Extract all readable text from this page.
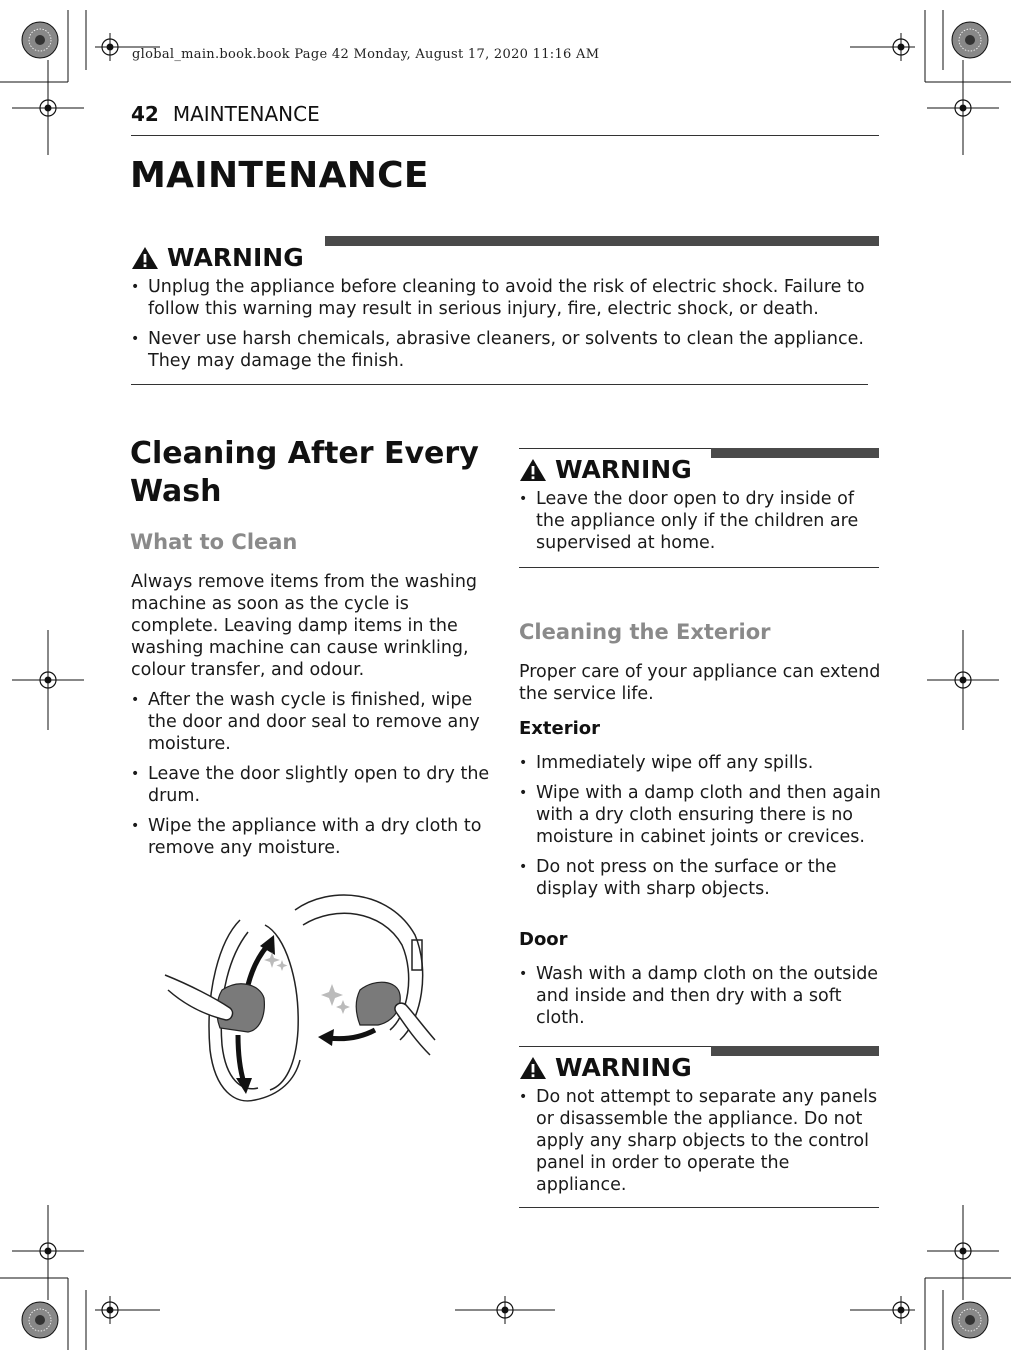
global_main.book.book Page 42 Monday, August 17, 2020 11:16 AM
42 MAINTENANCE
MAINTENANCE
WARNING
• Unplug the appliance before cleaning to avoid the risk of electric shock. Failure to follow this warning may result in serious injury, fire, electric shock, or death.
• Never use harsh chemicals, abrasive cleaners, or solvents to clean the appliance. They may damage the finish.
Cleaning After Every Wash
What to Clean

Always remove items from the washing machine as soon as the cycle is complete. Leaving damp items in the washing machine can cause wrinkling, colour transfer, and odour.

• After the wash cycle is finished, wipe the door and door seal to remove any moisture.
• Leave the door slightly open to dry the drum.
• Wipe the appliance with a dry cloth to remove any moisture.
WARNING
• Leave the door open to dry inside of the appliance only if the children are supervised at home.
Cleaning the Exterior

Proper care of your appliance can extend the service life.

Exterior
• Immediately wipe off any spills.
• Wipe with a damp cloth and then again with a dry cloth ensuring there is no moisture in cabinet joints or crevices.
• Do not press on the surface or the display with sharp objects.
Door
• Wash with a damp cloth on the outside and inside and then dry with a soft cloth.
WARNING
• Do not attempt to separate any panels or disassemble the appliance. Do not apply any sharp objects to the control panel in order to operate the appliance.
